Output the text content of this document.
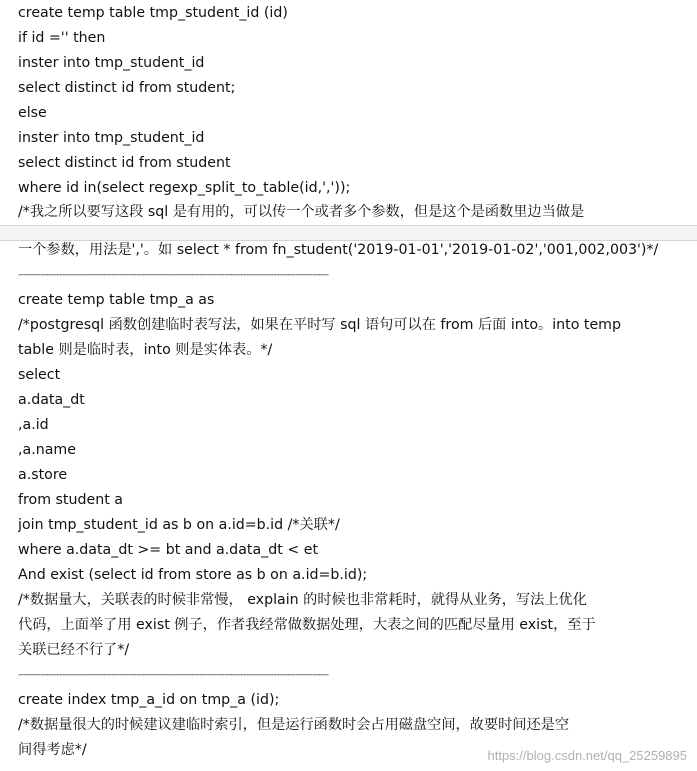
create temp table tmp_student_id (id)
if id ='' then
inster into tmp_student_id
select distinct id from student;
else
inster into tmp_student_id
select distinct id from student
where id in(select regexp_split_to_table(id,','));
/*我之所以要写这段 sql 是有用的，可以传一个或者多个参数，但是这个是函数里边当做是
一个参数，用法是','。如 select * from fn_student('2019-01-01','2019-01-02','001,002,003')*/
-----------------------------------------------------------------------------------------------------------------
create temp table tmp_a as
/*postgresql 函数创建临时表写法，如果在平时写 sql 语句可以在 from 后面 into。into temp
table 则是临时表，into 则是实体表。*/
select
a.data_dt
,a.id
,a.name
a.store
from student a
join tmp_student_id as b on a.id=b.id /*关联*/
where a.data_dt >= bt and a.data_dt < et
And exist (select id from store as b on a.id=b.id);
/*数据量大，关联表的时候非常慢， explain 的时候也非常耗时，就得从业务，写法上优化
代码，上面举了用 exist 例子，作者我经常做数据处理，大表之间的匹配尽量用 exist，至于
关联已经不行了*/
-----------------------------------------------------------------------------------------------------------------
create index tmp_a_id on tmp_a (id);
/*数据量很大的时候建议建临时索引，但是运行函数时会占用磁盘空间，故要时间还是空
间得考虑*/	https://blog.csdn.net/qq_25259895
